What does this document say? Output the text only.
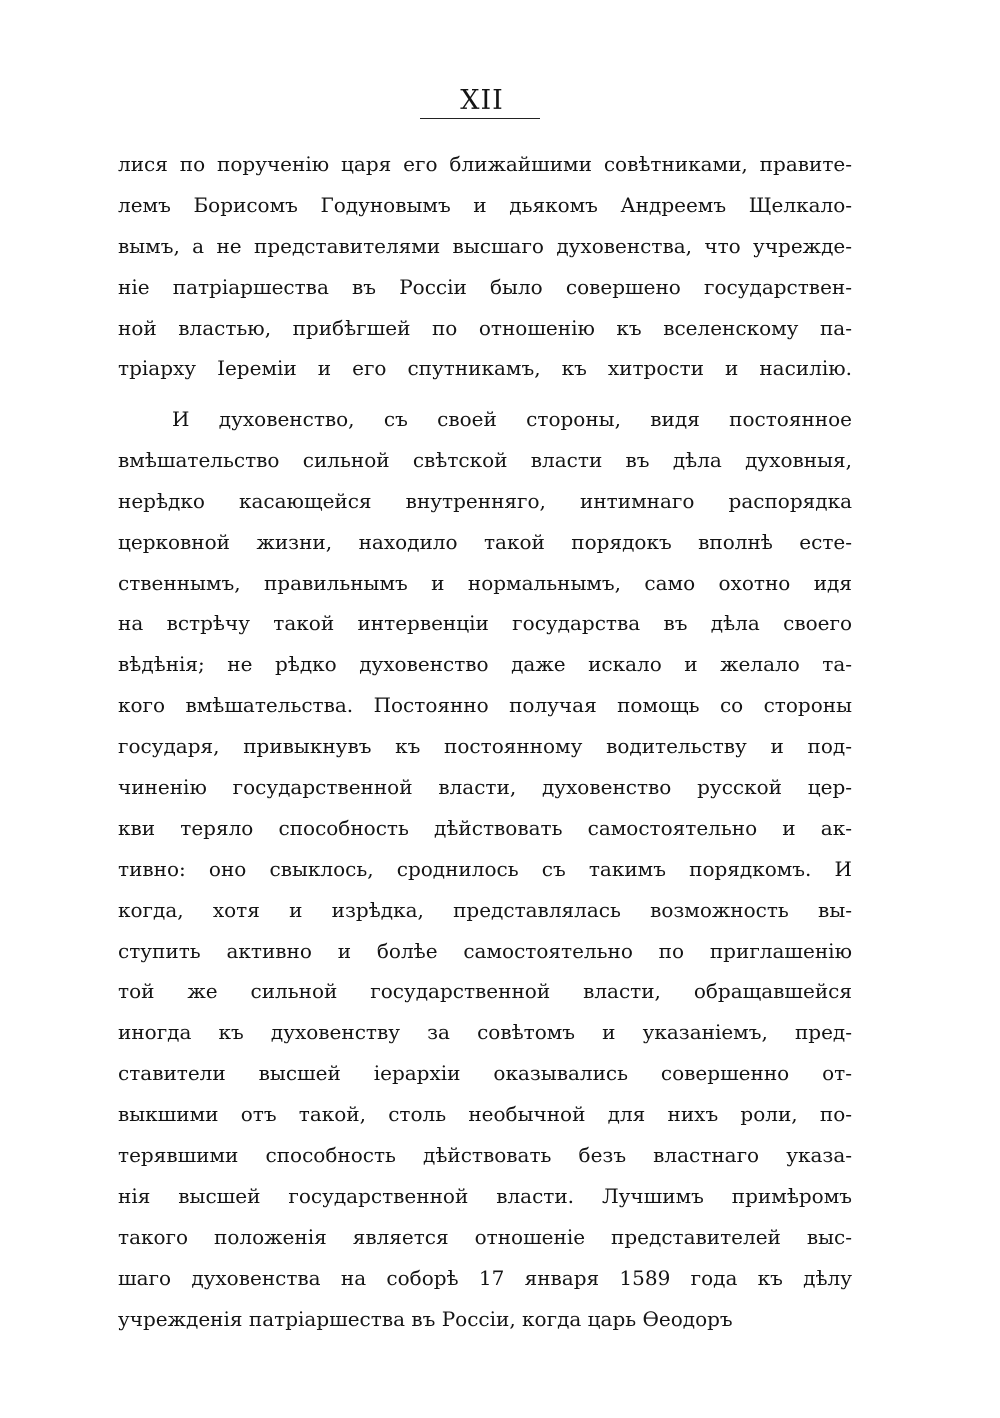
XII
лися по порученію царя его ближайшими совѣтниками, правите-
лемъ Борисомъ Годуновымъ и дьякомъ Андреемъ Щелкало-
вымъ, а не представителями высшаго духовенства, что учрежде-
ніе патріаршества въ Россіи было совершено государствен-
ной властью, прибѣгшей по отношенію къ вселенскому па-
тріарху Іереміи и его спутникамъ, къ хитрости и насилію.
И духовенство, съ своей стороны, видя постоянное
вмѣшательство сильной свѣтской власти въ дѣла духовныя,
нерѣдко касающейся внутренняго, интимнаго распорядка
церковной жизни, находило такой порядокъ вполнѣ есте-
ственнымъ, правильнымъ и нормальнымъ, само охотно идя
на встрѣчу такой интервенціи государства въ дѣла своего
вѣдѣнія; не рѣдко духовенство даже искало и желало та-
кого вмѣшательства. Постоянно получая помощь со стороны
государя, привыкнувъ къ постоянному водительству и под-
чиненію государственной власти, духовенство русской цер-
кви теряло способность дѣйствовать самостоятельно и ак-
тивно: оно свыклось, сроднилось съ такимъ порядкомъ. И
когда, хотя и изрѣдка, представлялась возможность вы-
ступить активно и болѣе самостоятельно по приглашенію
той же сильной государственной власти, обращавшейся
иногда къ духовенству за совѣтомъ и указаніемъ, пред-
ставители высшей іерархіи оказывались совершенно от-
выкшими отъ такой, столь необычной для нихъ роли, по-
терявшими способность дѣйствовать безъ властнаго указа-
нія высшей государственной власти. Лучшимъ примѣромъ
такого положенія является отношеніе представителей выс-
шаго духовенства на соборѣ 17 января 1589 года къ дѣлу
учрежденія патріаршества въ Россіи, когда царь Ѳеодоръ
